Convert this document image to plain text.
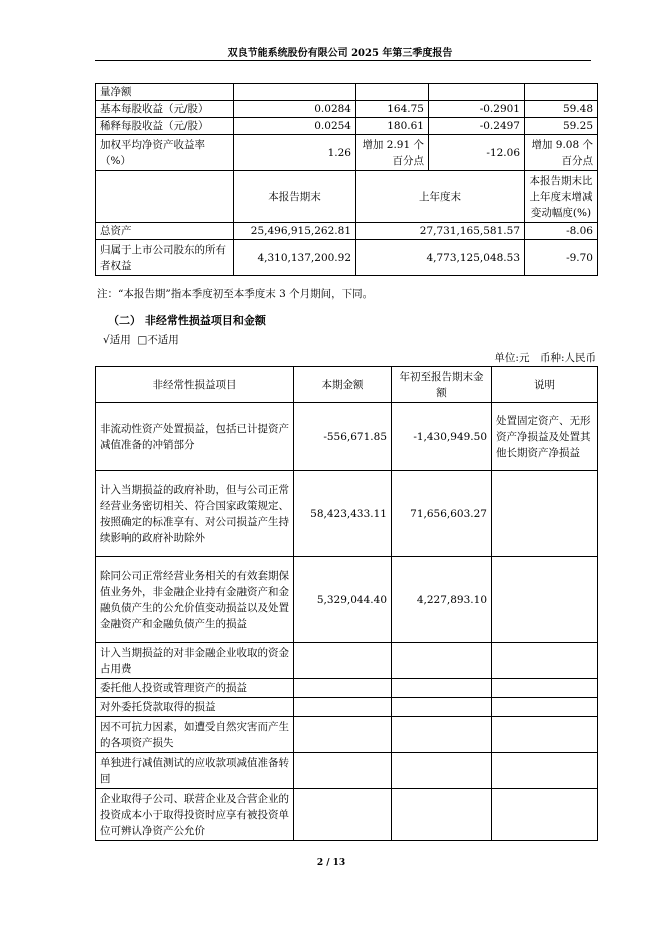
双良节能系统股份有限公司 2025 年第三季度报告
量净额				
基本每股收益（元/股）	0.0284	164.75	-0.2901	59.48
稀释每股收益（元/股）	0.0254	180.61	-0.2497	59.25
加权平均净资产收益率（%）	1.26	增加 2.91 个百分点	-12.06	增加 9.08 个百分点
	本报告期末	上年度末		本报告期末比上年度末增减变动幅度(%)
总资产	25,496,915,262.81	27,731,165,581.57		-8.06
归属于上市公司股东的所有者权益	4,310,137,200.92	4,773,125,048.53		-9.70
注：“本报告期”指本季度初至本季度末 3 个月期间，下同。
（二） 非经常性损益项目和金额
√适用 □不适用
单位:元　币种:人民币
非经常性损益项目	本期金额	年初至报告期末金额	说明
非流动性资产处置损益，包括已计提资产减值准备的冲销部分	-556,671.85	-1,430,949.50	处置固定资产、无形资产净损益及处置其他长期资产净损益
计入当期损益的政府补助，但与公司正常经营业务密切相关、符合国家政策规定、按照确定的标准享有、对公司损益产生持续影响的政府补助除外	58,423,433.11	71,656,603.27	
除同公司正常经营业务相关的有效套期保值业务外，非金融企业持有金融资产和金融负债产生的公允价值变动损益以及处置金融资产和金融负债产生的损益	5,329,044.40	4,227,893.10	
计入当期损益的对非金融企业收取的资金占用费			
委托他人投资或管理资产的损益			
对外委托贷款取得的损益			
因不可抗力因素，如遭受自然灾害而产生的各项资产损失			
单独进行减值测试的应收款项减值准备转回			
企业取得子公司、联营企业及合营企业的投资成本小于取得投资时应享有被投资单位可辨认净资产公允价			
2 / 13
